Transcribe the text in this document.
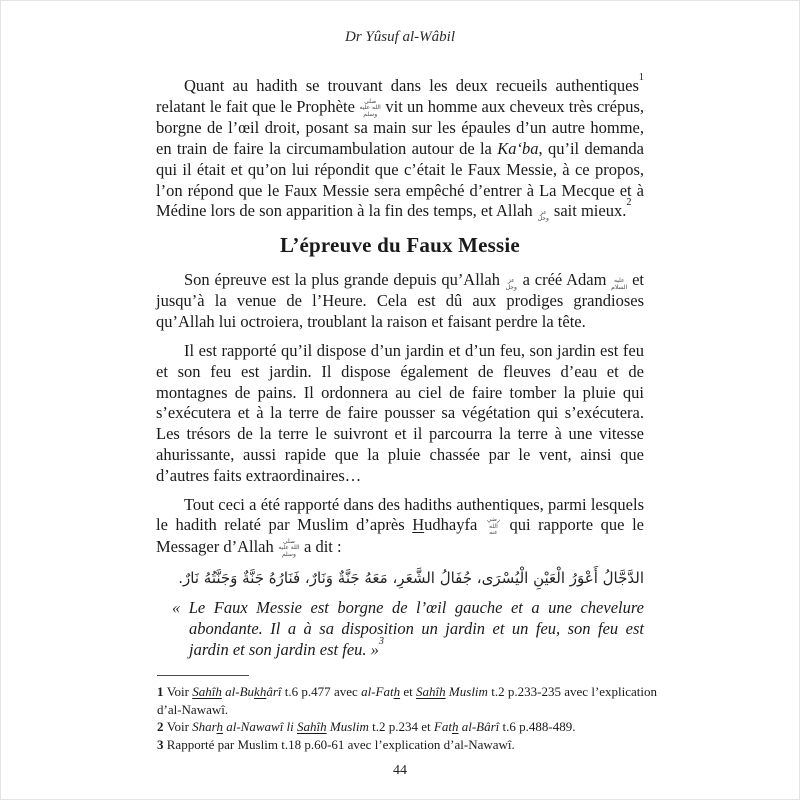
Dr Yûsuf al-Wâbil

Quant au hadith se trouvant dans les deux recueils authentiques$^1$ relatant le fait que le Prophète صلى الله عليه وسلم vit un homme aux cheveux très crépus, borgne de l’œil droit, posant sa main sur les épaules d’un autre homme, en train de faire la circumambulation autour de la Ka‘ba, qu’il demanda qui il était et qu’on lui répondit que c’était le Faux Messie, à ce propos, l’on répond que le Faux Messie sera empêché d’entrer à La Mecque et à Médine lors de son apparition à la fin des temps, et Allah عز وجل sait mieux.$^2$

L’épreuve du Faux Messie

Son épreuve est la plus grande depuis qu’Allah عز وجل a créé Adam عليه السلام et jusqu’à la venue de l’Heure. Cela est dû aux prodiges grandioses qu’Allah lui octroiera, troublant la raison et faisant perdre la tête.

Il est rapporté qu’il dispose d’un jardin et d’un feu, son jardin est feu et son feu est jardin. Il dispose également de fleuves d’eau et de montagnes de pains. Il ordonnera au ciel de faire tomber la pluie qui s’exécutera et à la terre de faire pousser sa végétation qui s’exécutera. Les trésors de la terre le suivront et il parcourra la terre à une vitesse ahurissante, aussi rapide que la pluie chassée par le vent, ainsi que d’autres faits extraordinaires…

Tout ceci a été rapporté dans des hadiths authentiques, parmi lesquels le hadith relaté par Muslim d’après Hudhayfa رضي الله عنه qui rapporte que le Messager d’Allah صلى الله عليه وسلم a dit :

الدَّجَّالُ أَعْوَرُ الْعَيْنِ الْيُسْرَى، جُفَالُ الشَّعَرِ، مَعَهُ جَنَّةٌ وَنَارٌ، فَنَارُهُ جَنَّةٌ وَجَنَّتُهُ نَارٌ.

« Le Faux Messie est borgne de l’œil gauche et a une chevelure abondante. Il a à sa disposition un jardin et un feu, son feu est jardin et son jardin est feu. »$^3$

1 Voir Sahîh al-Bukhârî t.6 p.477 avec al-Fath et Sahîh Muslim t.2 p.233-235 avec l’explication d’al-Nawawî.

2 Voir Sharh al-Nawawî li Sahîh Muslim t.2 p.234 et Fath al-Bârî t.6 p.488-489.

3 Rapporté par Muslim t.18 p.60-61 avec l’explication d’al-Nawawî.

44
